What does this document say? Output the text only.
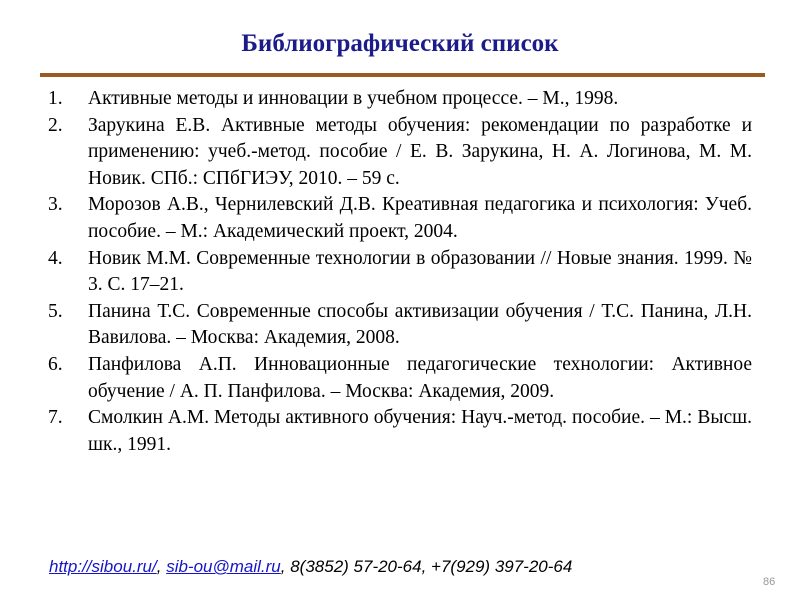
Библиографический список
1. Активные методы и инновации в учебном процессе. – М., 1998.
2. Зарукина Е.В. Активные методы обучения: рекомендации по разработке и применению: учеб.-метод. пособие / Е. В. Зарукина, Н. А. Логинова, М. М. Новик. СПб.: СПбГИЭУ, 2010. – 59 с.
3. Морозов А.В., Чернилевский Д.В. Креативная педагогика и психология: Учеб. пособие. – М.: Академический проект, 2004.
4. Новик М.М. Современные технологии в образовании // Новые знания. 1999. № 3. С. 17–21.
5. Панина Т.С. Современные способы активизации обучения / Т.С. Панина, Л.Н. Вавилова. – Москва: Академия, 2008.
6. Панфилова А.П. Инновационные педагогические технологии: Активное обучение / А. П. Панфилова. – Москва: Академия, 2009.
7. Смолкин А.М. Методы активного обучения: Науч.-метод. пособие. – М.: Высш. шк., 1991.
http://sibou.ru/, sib-ou@mail.ru, 8(3852) 57-20-64, +7(929) 397-20-64
86
